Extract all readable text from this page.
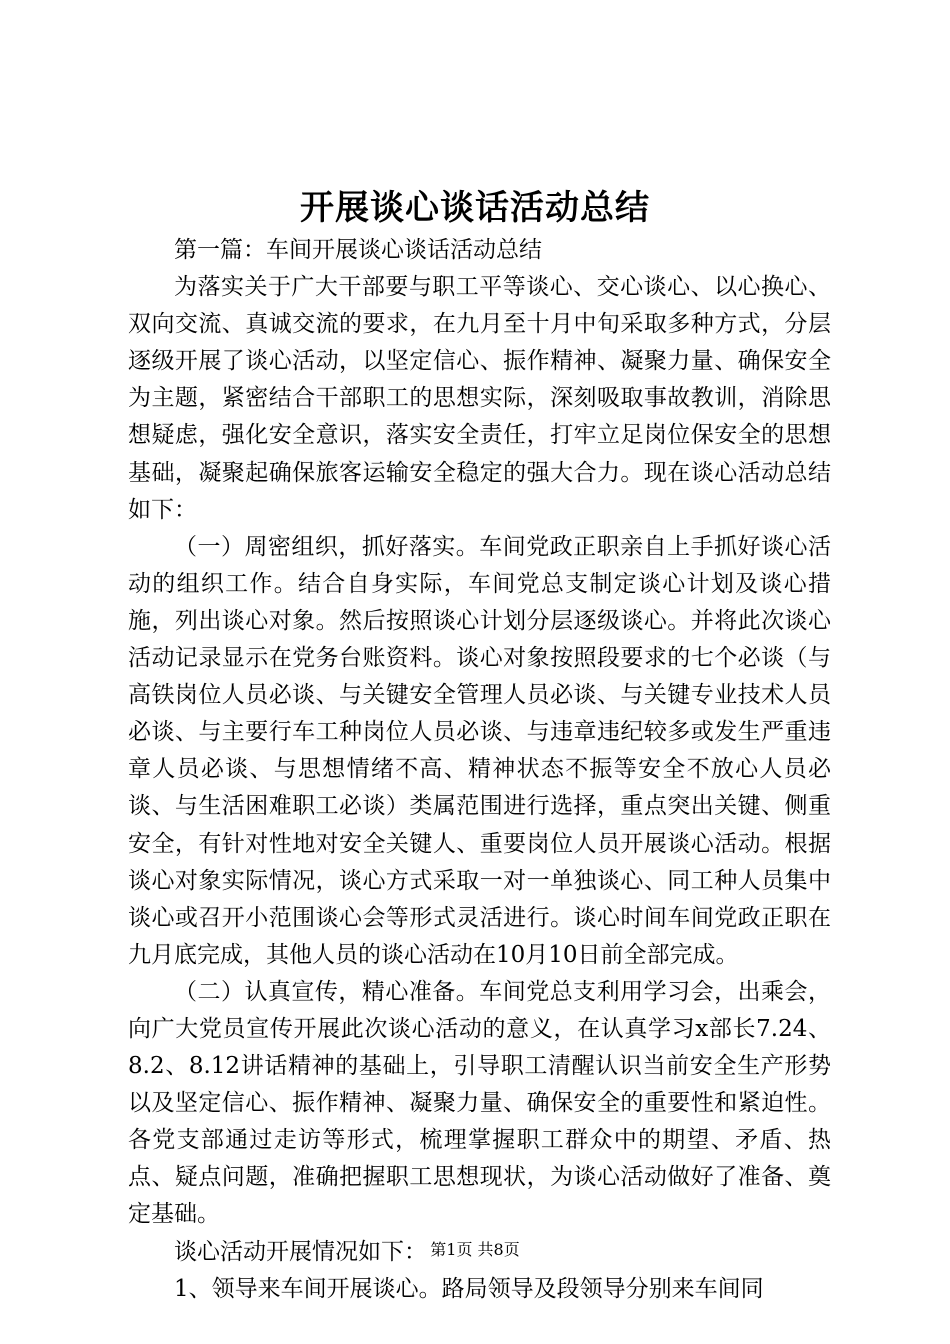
开展谈心谈话活动总结

第一篇：车间开展谈心谈话活动总结

为落实关于广大干部要与职工平等谈心、交心谈心、以心换心、双向交流、真诚交流的要求，在九月至十月中旬采取多种方式，分层逐级开展了谈心活动，以坚定信心、振作精神、凝聚力量、确保安全为主题，紧密结合干部职工的思想实际，深刻吸取事故教训，消除思想疑虑，强化安全意识，落实安全责任，打牢立足岗位保安全的思想基础，凝聚起确保旅客运输安全稳定的强大合力。现在谈心活动总结如下：

（一）周密组织，抓好落实。车间党政正职亲自上手抓好谈心活动的组织工作。结合自身实际，车间党总支制定谈心计划及谈心措施，列出谈心对象。然后按照谈心计划分层逐级谈心。并将此次谈心活动记录显示在党务台账资料。谈心对象按照段要求的七个必谈（与高铁岗位人员必谈、与关键安全管理人员必谈、与关键专业技术人员必谈、与主要行车工种岗位人员必谈、与违章违纪较多或发生严重违章人员必谈、与思想情绪不高、精神状态不振等安全不放心人员必谈、与生活困难职工必谈）类属范围进行选择，重点突出关键、侧重安全，有针对性地对安全关键人、重要岗位人员开展谈心活动。根据谈心对象实际情况，谈心方式采取一对一单独谈心、同工种人员集中谈心或召开小范围谈心会等形式灵活进行。谈心时间车间党政正职在九月底完成，其他人员的谈心活动在10月10日前全部完成。

（二）认真宣传，精心准备。车间党总支利用学习会，出乘会，向广大党员宣传开展此次谈心活动的意义，在认真学习x部长7.24、8.2、8.12讲话精神的基础上，引导职工清醒认识当前安全生产形势以及坚定信心、振作精神、凝聚力量、确保安全的重要性和紧迫性。各党支部通过走访等形式，梳理掌握职工群众中的期望、矛盾、热点、疑点问题，准确把握职工思想现状，为谈心活动做好了准备、奠定基础。

谈心活动开展情况如下：

1、领导来车间开展谈心。路局领导及段领导分别来车间同

第1页 共8页
